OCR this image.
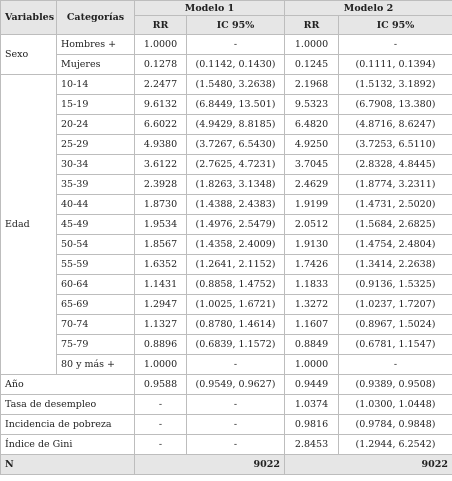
Variables	Categorías	Modelo 1		Modelo 2	
		RR	IC 95%	RR	IC 95%
Sexo	Hombres +	1.0000	-	1.0000	-
	Mujeres	0.1278	(0.1142, 0.1430)	0.1245	(0.1111, 0.1394)
Edad	10-14	2.2477	(1.5480, 3.2638)	2.1968	(1.5132, 3.1892)
	15-19	9.6132	(6.8449, 13.501)	9.5323	(6.7908, 13.380)
	20-24	6.6022	(4.9429, 8.8185)	6.4820	(4.8716, 8.6247)
	25-29	4.9380	(3.7267, 6.5430)	4.9250	(3.7253, 6.5110)
	30-34	3.6122	(2.7625, 4.7231)	3.7045	(2.8328, 4.8445)
	35-39	2.3928	(1.8263, 3.1348)	2.4629	(1.8774, 3.2311)
	40-44	1.8730	(1.4388, 2.4383)	1.9199	(1.4731, 2.5020)
	45-49	1.9534	(1.4976, 2.5479)	2.0512	(1.5684, 2.6825)
	50-54	1.8567	(1.4358, 2.4009)	1.9130	(1.4754, 2.4804)
	55-59	1.6352	(1.2641, 2.1152)	1.7426	(1.3414, 2.2638)
	60-64	1.1431	(0.8858, 1.4752)	1.1833	(0.9136, 1.5325)
	65-69	1.2947	(1.0025, 1.6721)	1.3272	(1.0237, 1.7207)
	70-74	1.1327	(0.8780, 1.4614)	1.1607	(0.8967, 1.5024)
	75-79	0.8896	(0.6839, 1.1572)	0.8849	(0.6781, 1.1547)
	80 y más +	1.0000	-	1.0000	-
Año		0.9588	(0.9549, 0.9627)	0.9449	(0.9389, 0.9508)
Tasa de desempleo		-	-	1.0374	(1.0300, 1.0448)
Incidencia de pobreza		-	-	0.9816	(0.9784, 0.9848)
Índice de Gini		-	-	2.8453	(1.2944, 6.2542)
N		9022		9022	
